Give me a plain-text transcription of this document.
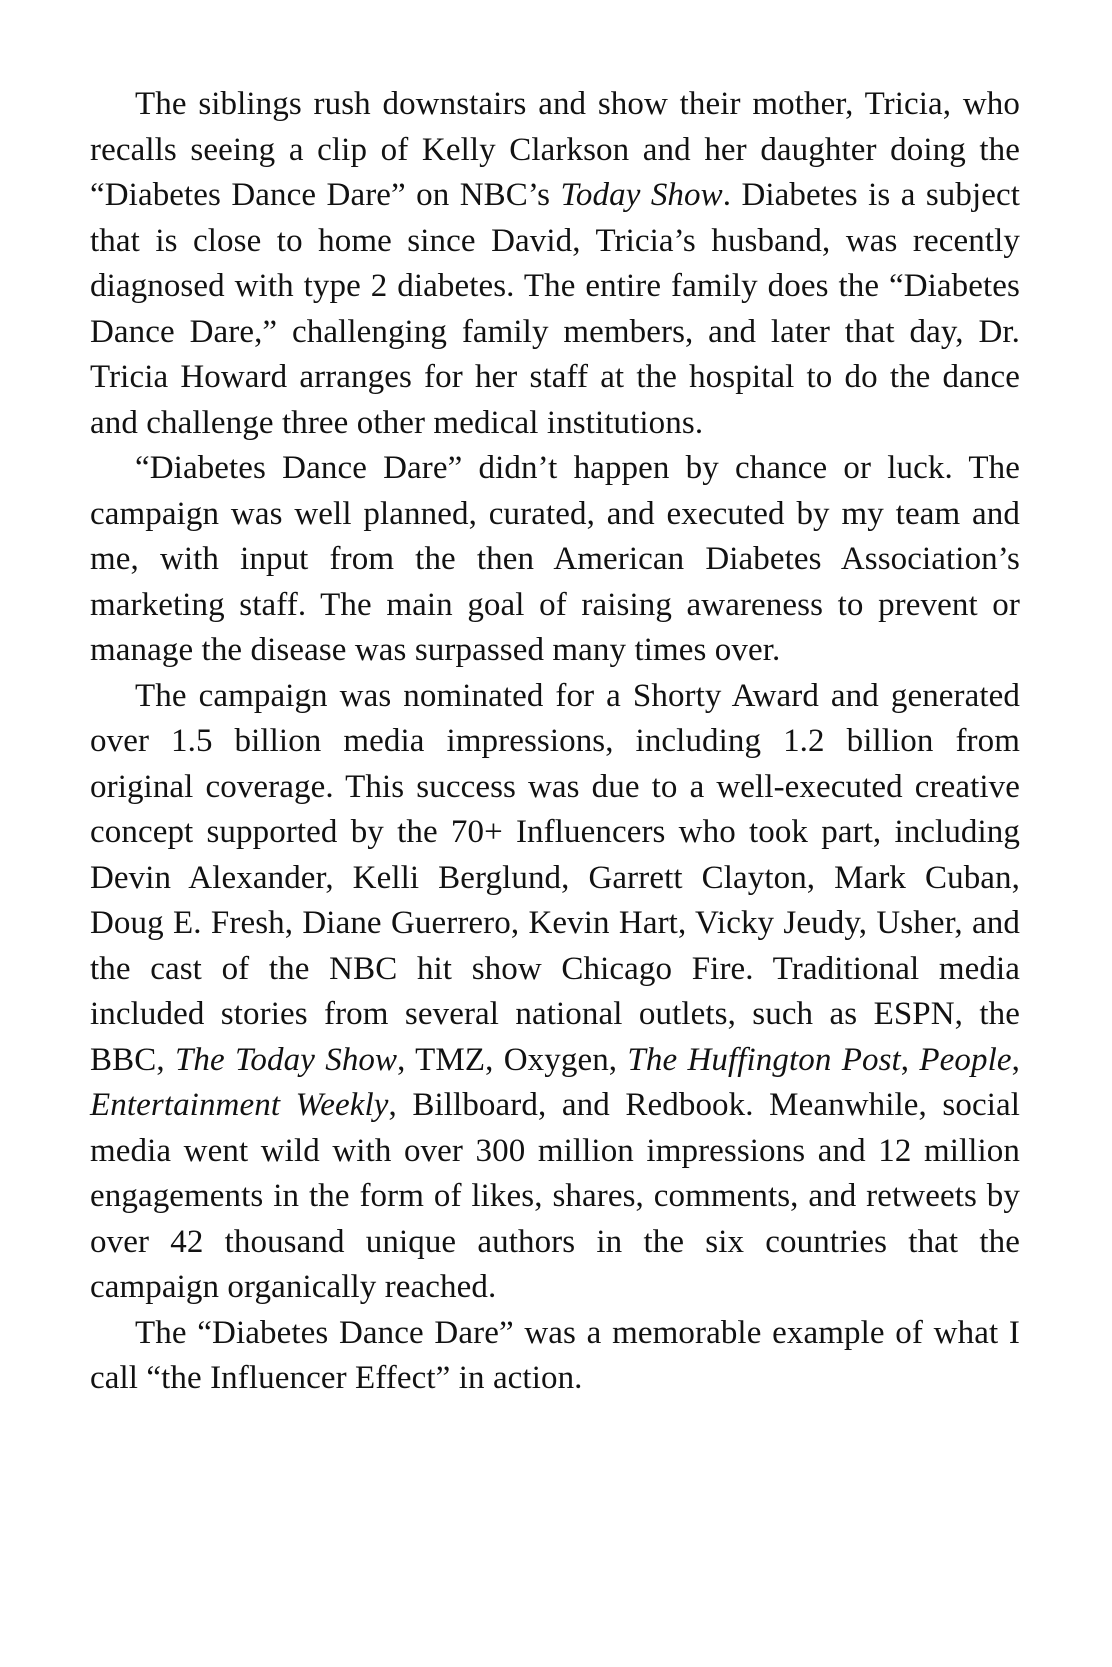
The siblings rush downstairs and show their mother, Tricia, who recalls seeing a clip of Kelly Clarkson and her daughter doing the “Diabetes Dance Dare” on NBC’s Today Show. Diabetes is a subject that is close to home since David, Tricia’s husband, was recently diagnosed with type 2 diabetes. The entire family does the “Diabetes Dance Dare,” challenging family members, and later that day, Dr. Tricia Howard arranges for her staff at the hospital to do the dance and challenge three other medical institutions.

“Diabetes Dance Dare” didn’t happen by chance or luck. The campaign was well planned, curated, and executed by my team and me, with input from the then American Diabetes Association’s marketing staff. The main goal of raising awareness to prevent or manage the disease was surpassed many times over.

The campaign was nominated for a Shorty Award and generated over 1.5 billion media impressions, including 1.2 billion from original coverage. This success was due to a well-executed creative concept supported by the 70+ Influencers who took part, including Devin Alexander, Kelli Berglund, Garrett Clayton, Mark Cuban, Doug E. Fresh, Diane Guerrero, Kevin Hart, Vicky Jeudy, Usher, and the cast of the NBC hit show Chicago Fire. Traditional media included stories from several national outlets, such as ESPN, the BBC, The Today Show, TMZ, Oxygen, The Huffington Post, People, Entertainment Weekly, Billboard, and Redbook. Meanwhile, social media went wild with over 300 million impressions and 12 million engagements in the form of likes, shares, comments, and retweets by over 42 thousand unique authors in the six countries that the campaign organically reached.

The “Diabetes Dance Dare” was a memorable example of what I call “the Influencer Effect” in action.
